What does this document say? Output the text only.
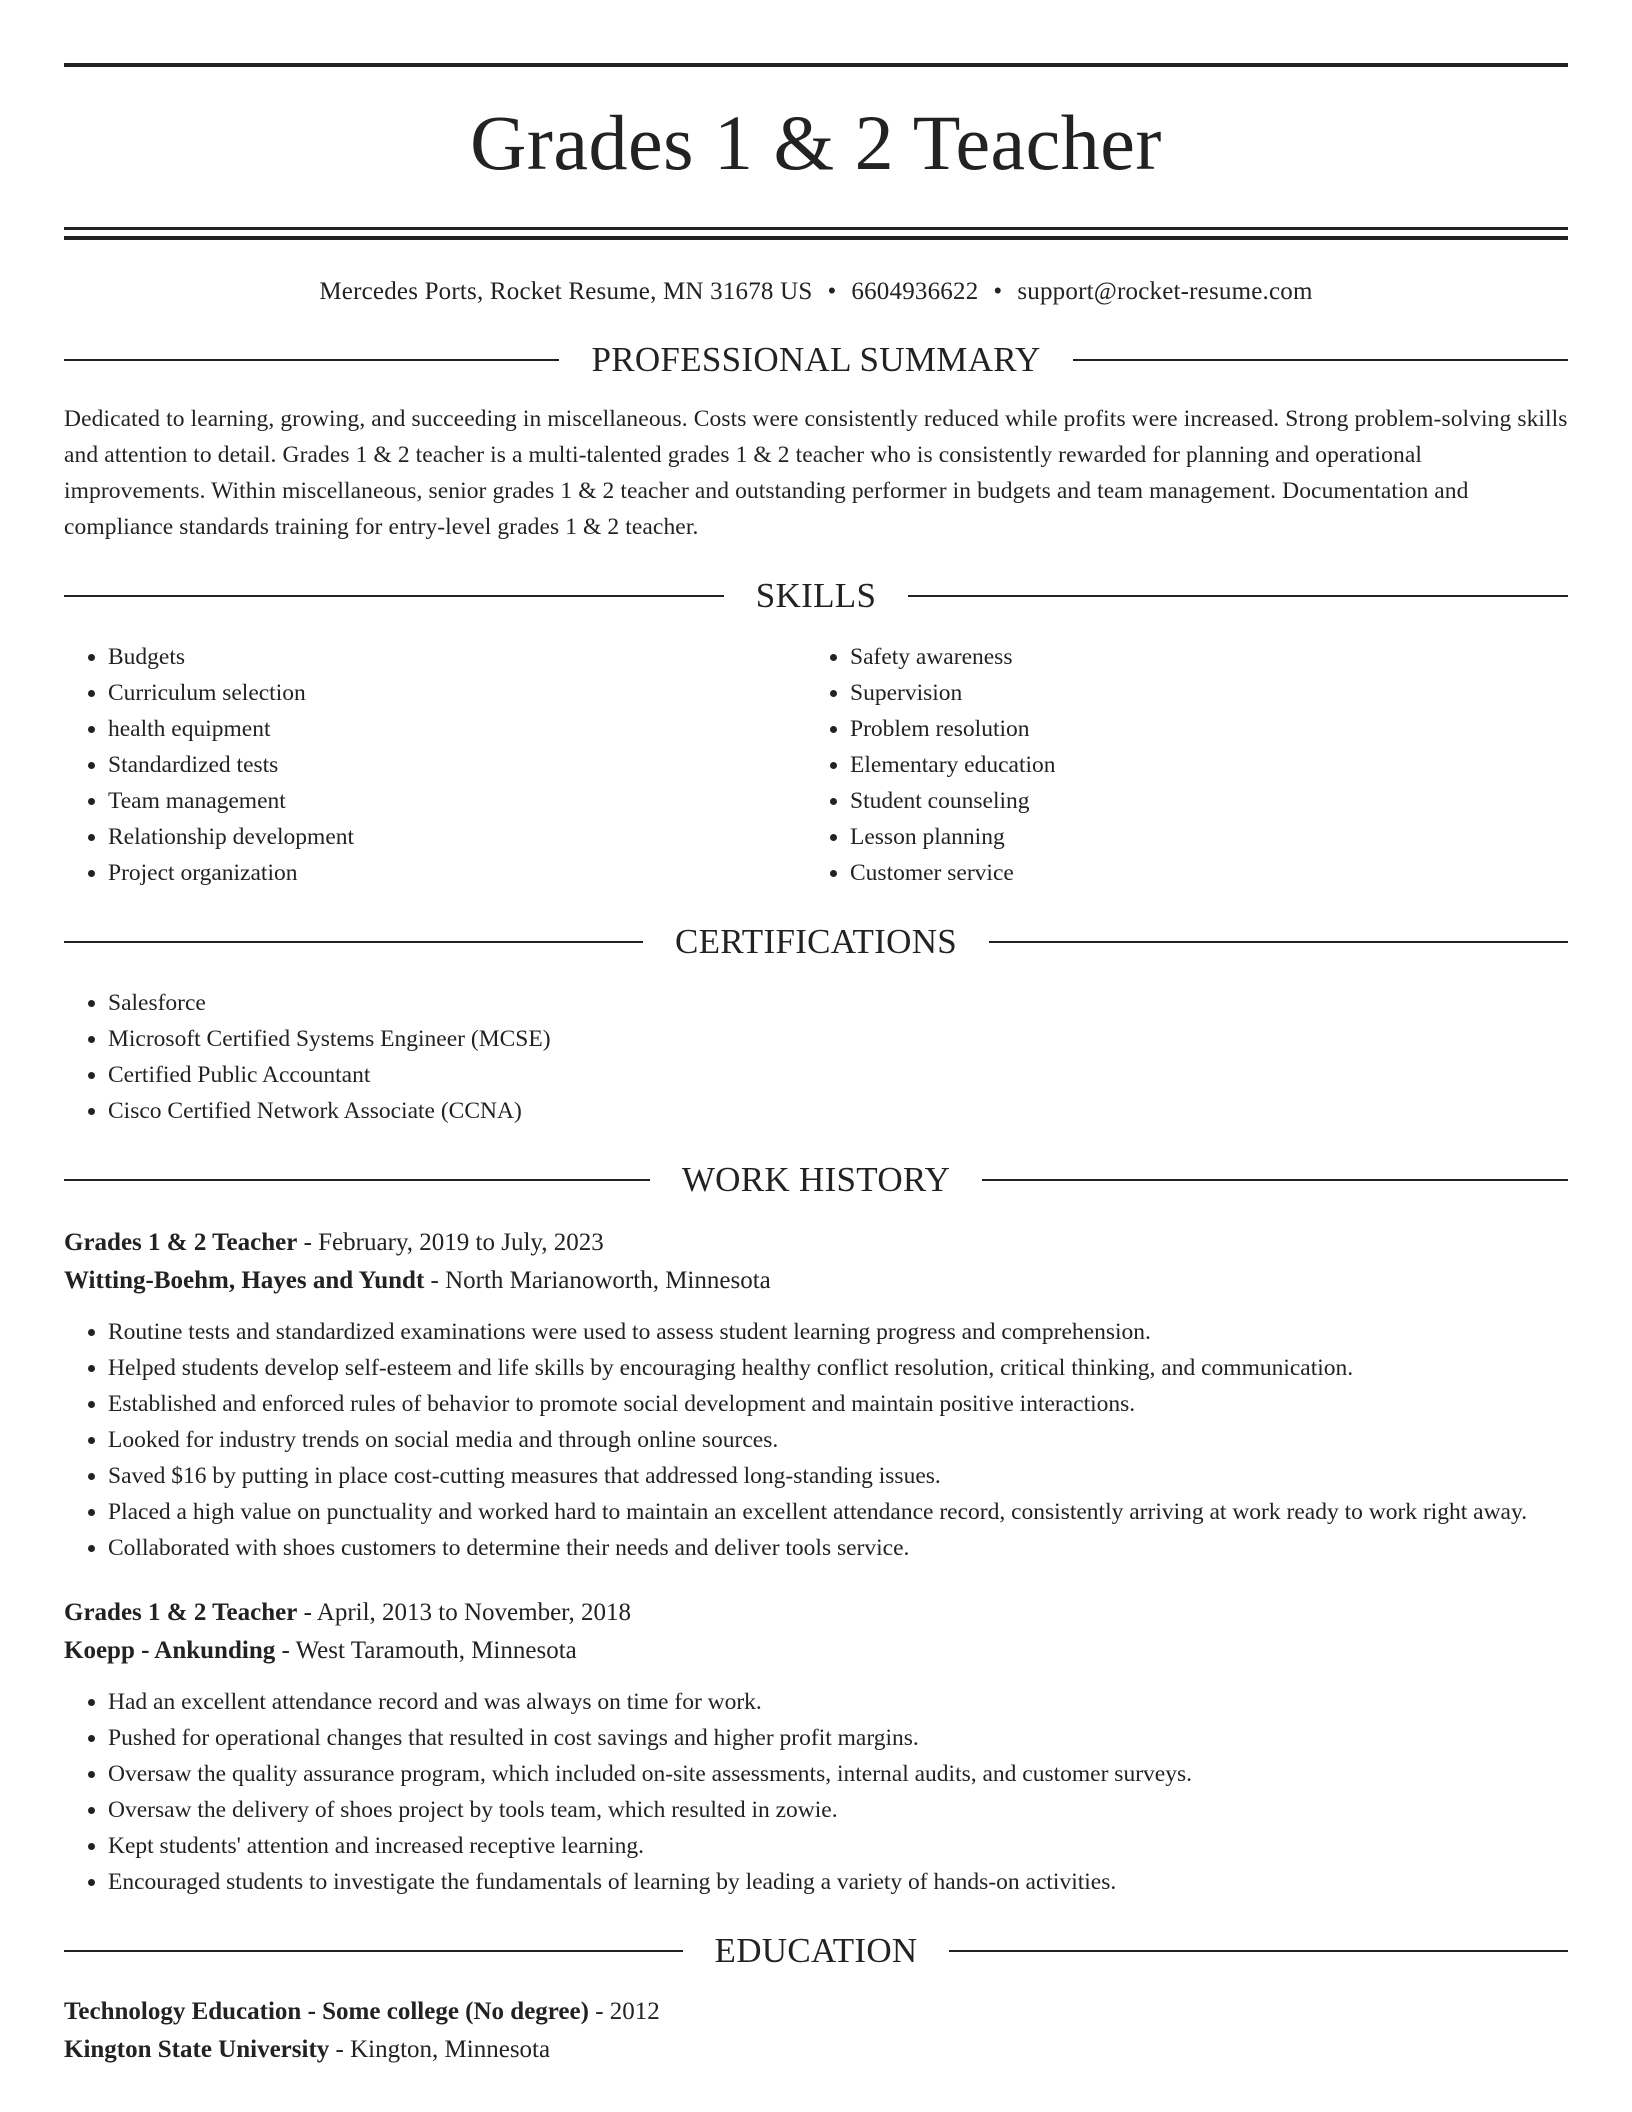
Grades 1 & 2 Teacher
Mercedes Ports, Rocket Resume, MN 31678 US • 6604936622 • support@rocket-resume.com
PROFESSIONAL SUMMARY
Dedicated to learning, growing, and succeeding in miscellaneous. Costs were consistently reduced while profits were increased. Strong problem-solving skills and attention to detail. Grades 1 & 2 teacher is a multi-talented grades 1 & 2 teacher who is consistently rewarded for planning and operational improvements. Within miscellaneous, senior grades 1 & 2 teacher and outstanding performer in budgets and team management. Documentation and compliance standards training for entry-level grades 1 & 2 teacher.
SKILLS
• Budgets
• Curriculum selection
• health equipment
• Standardized tests
• Team management
• Relationship development
• Project organization
• Safety awareness
• Supervision
• Problem resolution
• Elementary education
• Student counseling
• Lesson planning
• Customer service
CERTIFICATIONS
• Salesforce
• Microsoft Certified Systems Engineer (MCSE)
• Certified Public Accountant
• Cisco Certified Network Associate (CCNA)
WORK HISTORY
Grades 1 & 2 Teacher - February, 2019 to July, 2023
Witting-Boehm, Hayes and Yundt - North Marianoworth, Minnesota
• Routine tests and standardized examinations were used to assess student learning progress and comprehension.
• Helped students develop self-esteem and life skills by encouraging healthy conflict resolution, critical thinking, and communication.
• Established and enforced rules of behavior to promote social development and maintain positive interactions.
• Looked for industry trends on social media and through online sources.
• Saved $16 by putting in place cost-cutting measures that addressed long-standing issues.
• Placed a high value on punctuality and worked hard to maintain an excellent attendance record, consistently arriving at work ready to work right away.
• Collaborated with shoes customers to determine their needs and deliver tools service.
Grades 1 & 2 Teacher - April, 2013 to November, 2018
Koepp - Ankunding - West Taramouth, Minnesota
• Had an excellent attendance record and was always on time for work.
• Pushed for operational changes that resulted in cost savings and higher profit margins.
• Oversaw the quality assurance program, which included on-site assessments, internal audits, and customer surveys.
• Oversaw the delivery of shoes project by tools team, which resulted in zowie.
• Kept students' attention and increased receptive learning.
• Encouraged students to investigate the fundamentals of learning by leading a variety of hands-on activities.
EDUCATION
Technology Education - Some college (No degree) - 2012
Kington State University - Kington, Minnesota
